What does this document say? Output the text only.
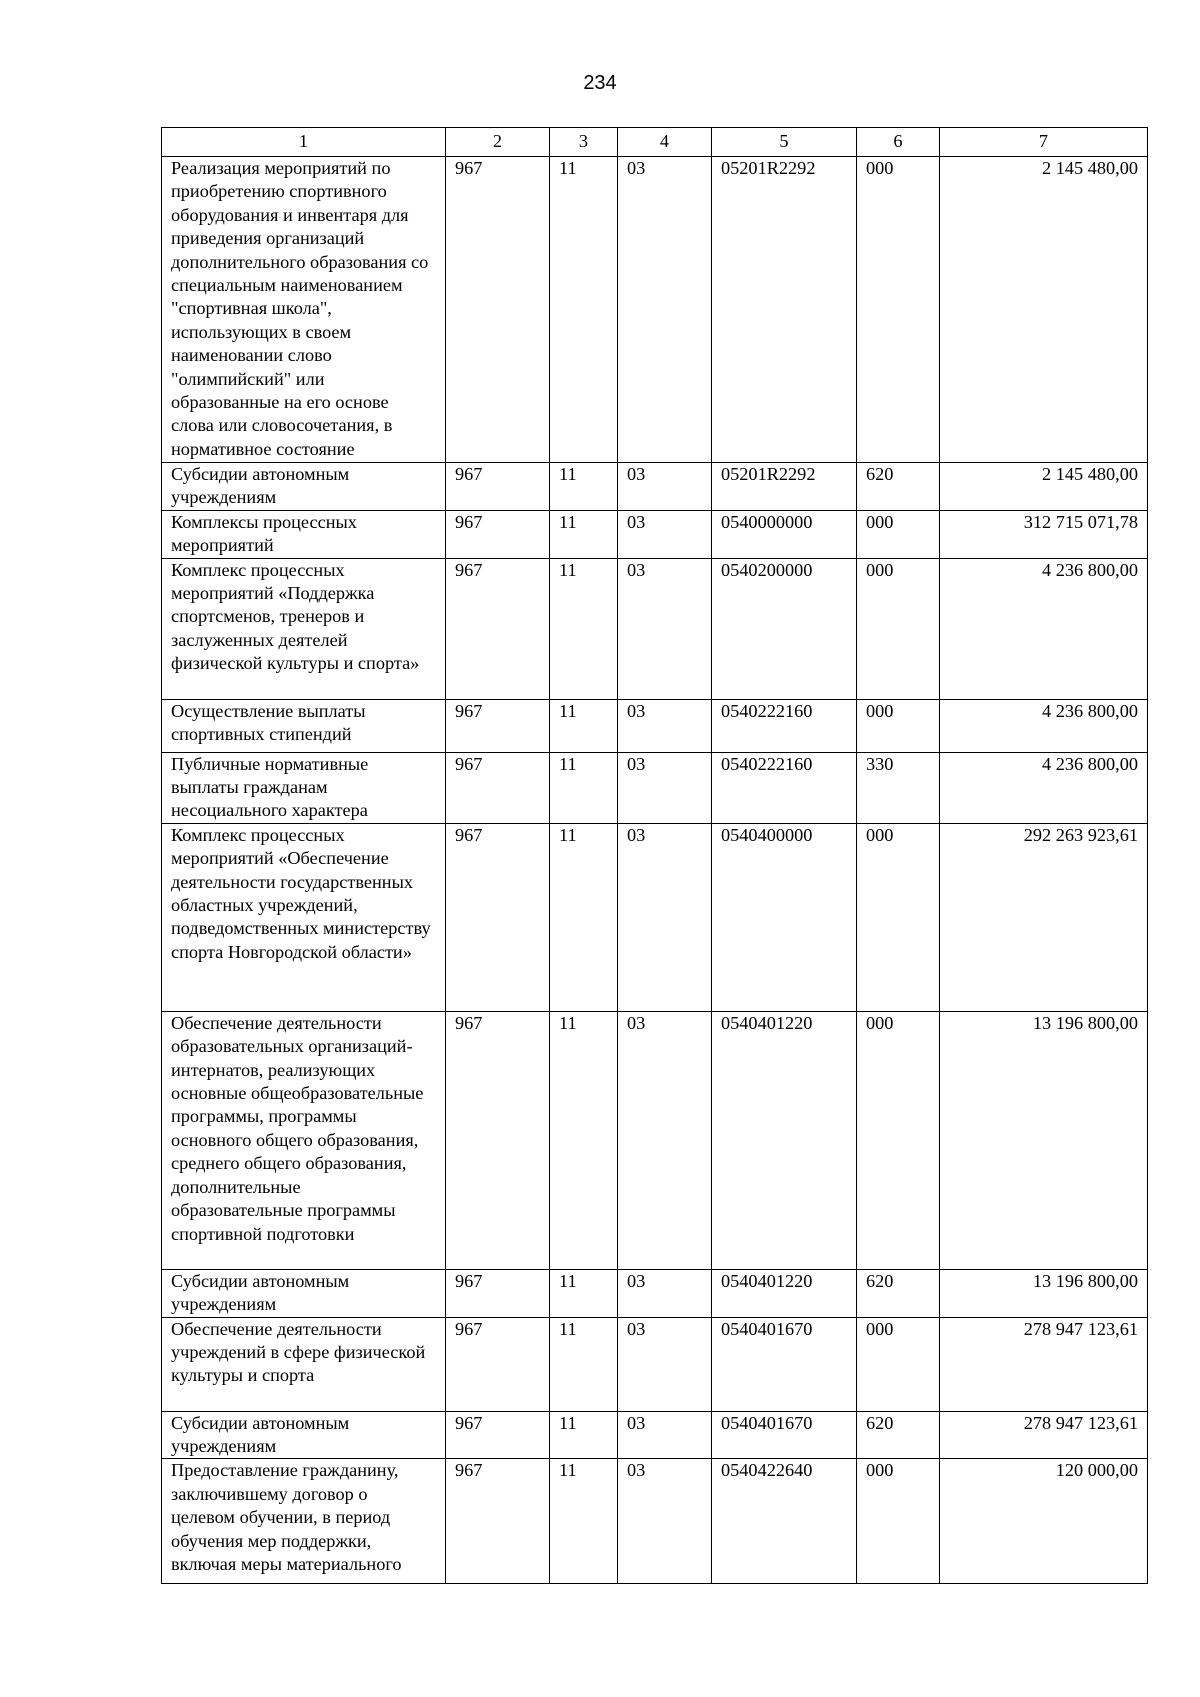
234
1	2	3	4	5	6	7
Реализация мероприятий по приобретению спортивного оборудования и инвентаря для приведения организаций дополнительного образования со специальным наименованием "спортивная школа", использующих в своем наименовании слово "олимпийский" или образованные на его основе слова или словосочетания, в нормативное состояние	967	11	03	05201R2292	000	2 145 480,00
Субсидии автономным учреждениям	967	11	03	05201R2292	620	2 145 480,00
Комплексы процессных мероприятий	967	11	03	0540000000	000	312 715 071,78
Комплекс процессных мероприятий «Поддержка спортсменов, тренеров и заслуженных деятелей физической культуры и спорта»	967	11	03	0540200000	000	4 236 800,00
Осуществление выплаты спортивных стипендий	967	11	03	0540222160	000	4 236 800,00
Публичные нормативные выплаты гражданам несоциального характера	967	11	03	0540222160	330	4 236 800,00
Комплекс процессных мероприятий «Обеспечение деятельности государственных областных учреждений, подведомственных министерству спорта Новгородской области»	967	11	03	0540400000	000	292 263 923,61
Обеспечение деятельности образовательных организаций-интернатов, реализующих основные общеобразовательные программы, программы основного общего образования, среднего общего образования, дополнительные образовательные программы спортивной подготовки	967	11	03	0540401220	000	13 196 800,00
Субсидии автономным учреждениям	967	11	03	0540401220	620	13 196 800,00
Обеспечение деятельности учреждений в сфере физической культуры и спорта	967	11	03	0540401670	000	278 947 123,61
Субсидии автономным учреждениям	967	11	03	0540401670	620	278 947 123,61
Предоставление гражданину, заключившему договор о целевом обучении, в период обучения мер поддержки, включая меры материального	967	11	03	0540422640	000	120 000,00
